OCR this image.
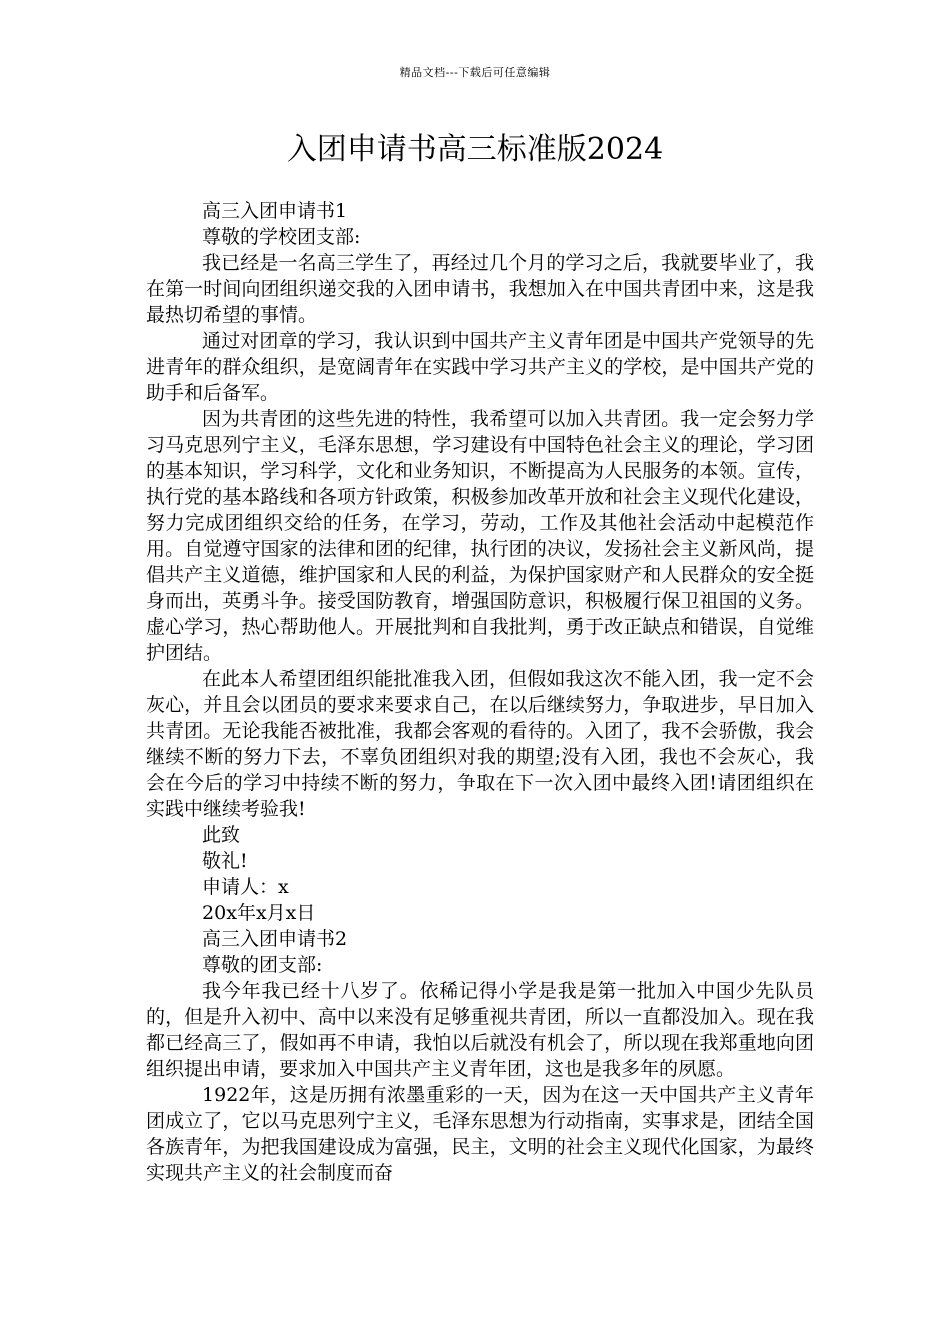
精品文档---下载后可任意编辑
入团申请书高三标准版2024

高三入团申请书1

尊敬的学校团支部:

我已经是一名高三学生了，再经过几个月的学习之后，我就要毕业了，我在第一时间向团组织递交我的入团申请书，我想加入在中国共青团中来，这是我最热切希望的事情。

通过对团章的学习，我认识到中国共产主义青年团是中国共产党领导的先进青年的群众组织，是宽阔青年在实践中学习共产主义的学校，是中国共产党的助手和后备军。

因为共青团的这些先进的特性，我希望可以加入共青团。我一定会努力学习马克思列宁主义，毛泽东思想，学习建设有中国特色社会主义的理论，学习团的基本知识，学习科学，文化和业务知识，不断提高为人民服务的本领。宣传，执行党的基本路线和各项方针政策，积极参加改革开放和社会主义现代化建设，努力完成团组织交给的任务，在学习，劳动，工作及其他社会活动中起模范作用。自觉遵守国家的法律和团的纪律，执行团的决议，发扬社会主义新风尚，提倡共产主义道德，维护国家和人民的利益，为保护国家财产和人民群众的安全挺身而出，英勇斗争。接受国防教育，增强国防意识，积极履行保卫祖国的义务。虚心学习，热心帮助他人。开展批判和自我批判，勇于改正缺点和错误，自觉维护团结。

在此本人希望团组织能批准我入团，但假如我这次不能入团，我一定不会灰心，并且会以团员的要求来要求自己，在以后继续努力，争取进步，早日加入共青团。无论我能否被批准，我都会客观的看待的。入团了，我不会骄傲，我会继续不断的努力下去，不辜负团组织对我的期望;没有入团，我也不会灰心，我会在今后的学习中持续不断的努力，争取在下一次入团中最终入团!请团组织在实践中继续考验我!

此致

敬礼!

申请人：x

20x年x月x日

高三入团申请书2

尊敬的团支部:

我今年我已经十八岁了。依稀记得小学是我是第一批加入中国少先队员的，但是升入初中、高中以来没有足够重视共青团，所以一直都没加入。现在我都已经高三了，假如再不申请，我怕以后就没有机会了，所以现在我郑重地向团组织提出申请，要求加入中国共产主义青年团，这也是我多年的夙愿。

1922年，这是历拥有浓墨重彩的一天，因为在这一天中国共产主义青年团成立了，它以马克思列宁主义，毛泽东思想为行动指南，实事求是，团结全国各族青年，为把我国建设成为富强，民主，文明的社会主义现代化国家，为最终实现共产主义的社会制度而奋
